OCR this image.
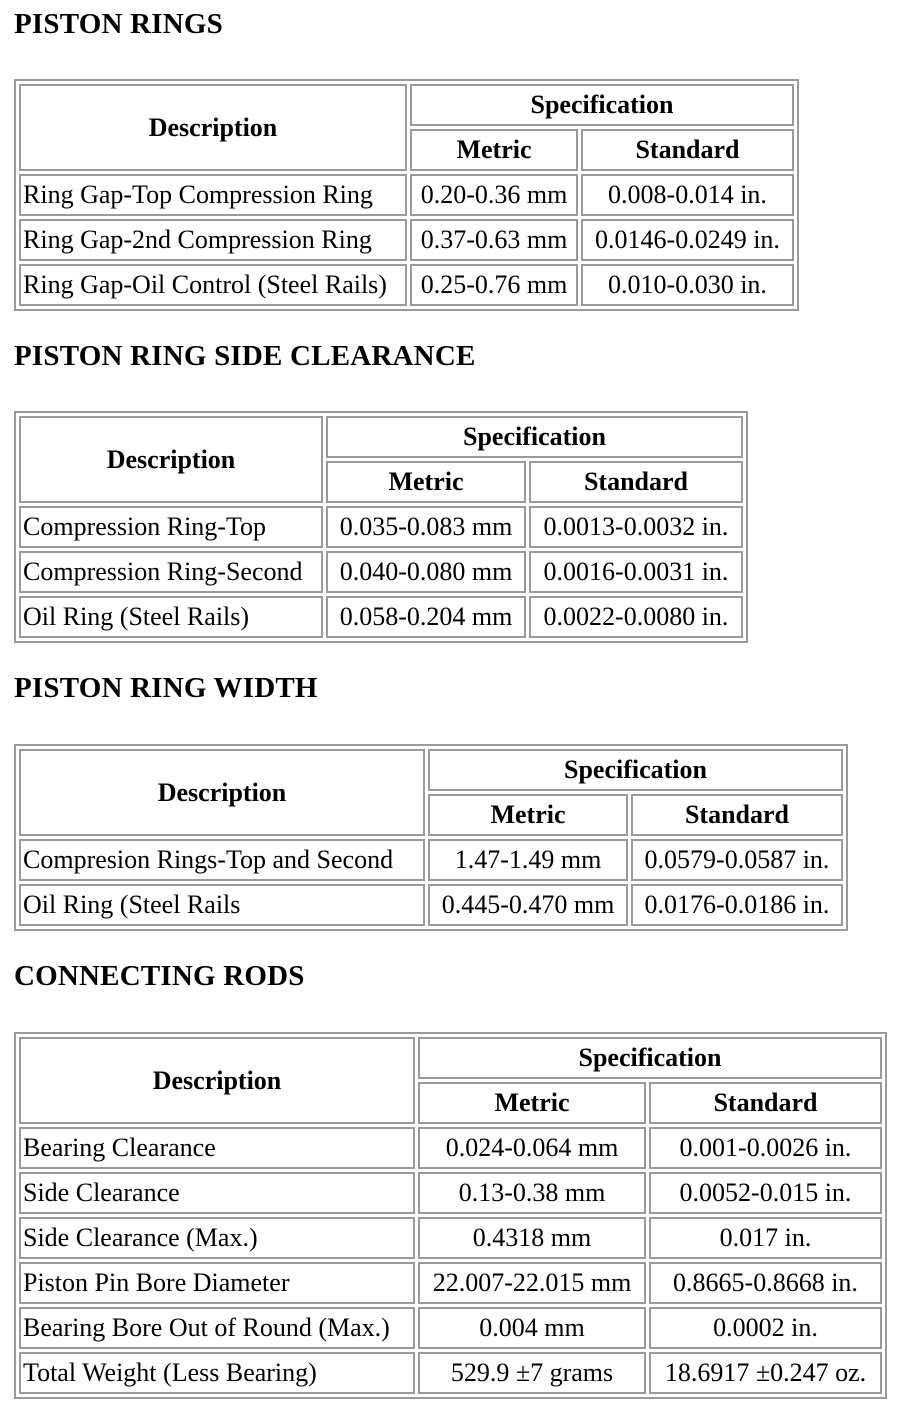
PISTON RINGS
Description	Specification	
	Metric	Standard
Ring Gap-Top Compression Ring	0.20-0.36 mm	0.008-0.014 in.
Ring Gap-2nd Compression Ring	0.37-0.63 mm	0.0146-0.0249 in.
Ring Gap-Oil Control (Steel Rails)	0.25-0.76 mm	0.010-0.030 in.
PISTON RING SIDE CLEARANCE
Description	Specification	
	Metric	Standard
Compression Ring-Top	0.035-0.083 mm	0.0013-0.0032 in.
Compression Ring-Second	0.040-0.080 mm	0.0016-0.0031 in.
Oil Ring (Steel Rails)	0.058-0.204 mm	0.0022-0.0080 in.
PISTON RING WIDTH
Description	Specification	
	Metric	Standard
Compresion Rings-Top and Second	1.47-1.49 mm	0.0579-0.0587 in.
Oil Ring (Steel Rails	0.445-0.470 mm	0.0176-0.0186 in.
CONNECTING RODS
Description	Specification	
	Metric	Standard
Bearing Clearance	0.024-0.064 mm	0.001-0.0026 in.
Side Clearance	0.13-0.38 mm	0.0052-0.015 in.
Side Clearance (Max.)	0.4318 mm	0.017 in.
Piston Pin Bore Diameter	22.007-22.015 mm	0.8665-0.8668 in.
Bearing Bore Out of Round (Max.)	0.004 mm	0.0002 in.
Total Weight (Less Bearing)	529.9 ±7 grams	18.6917 ±0.247 oz.
